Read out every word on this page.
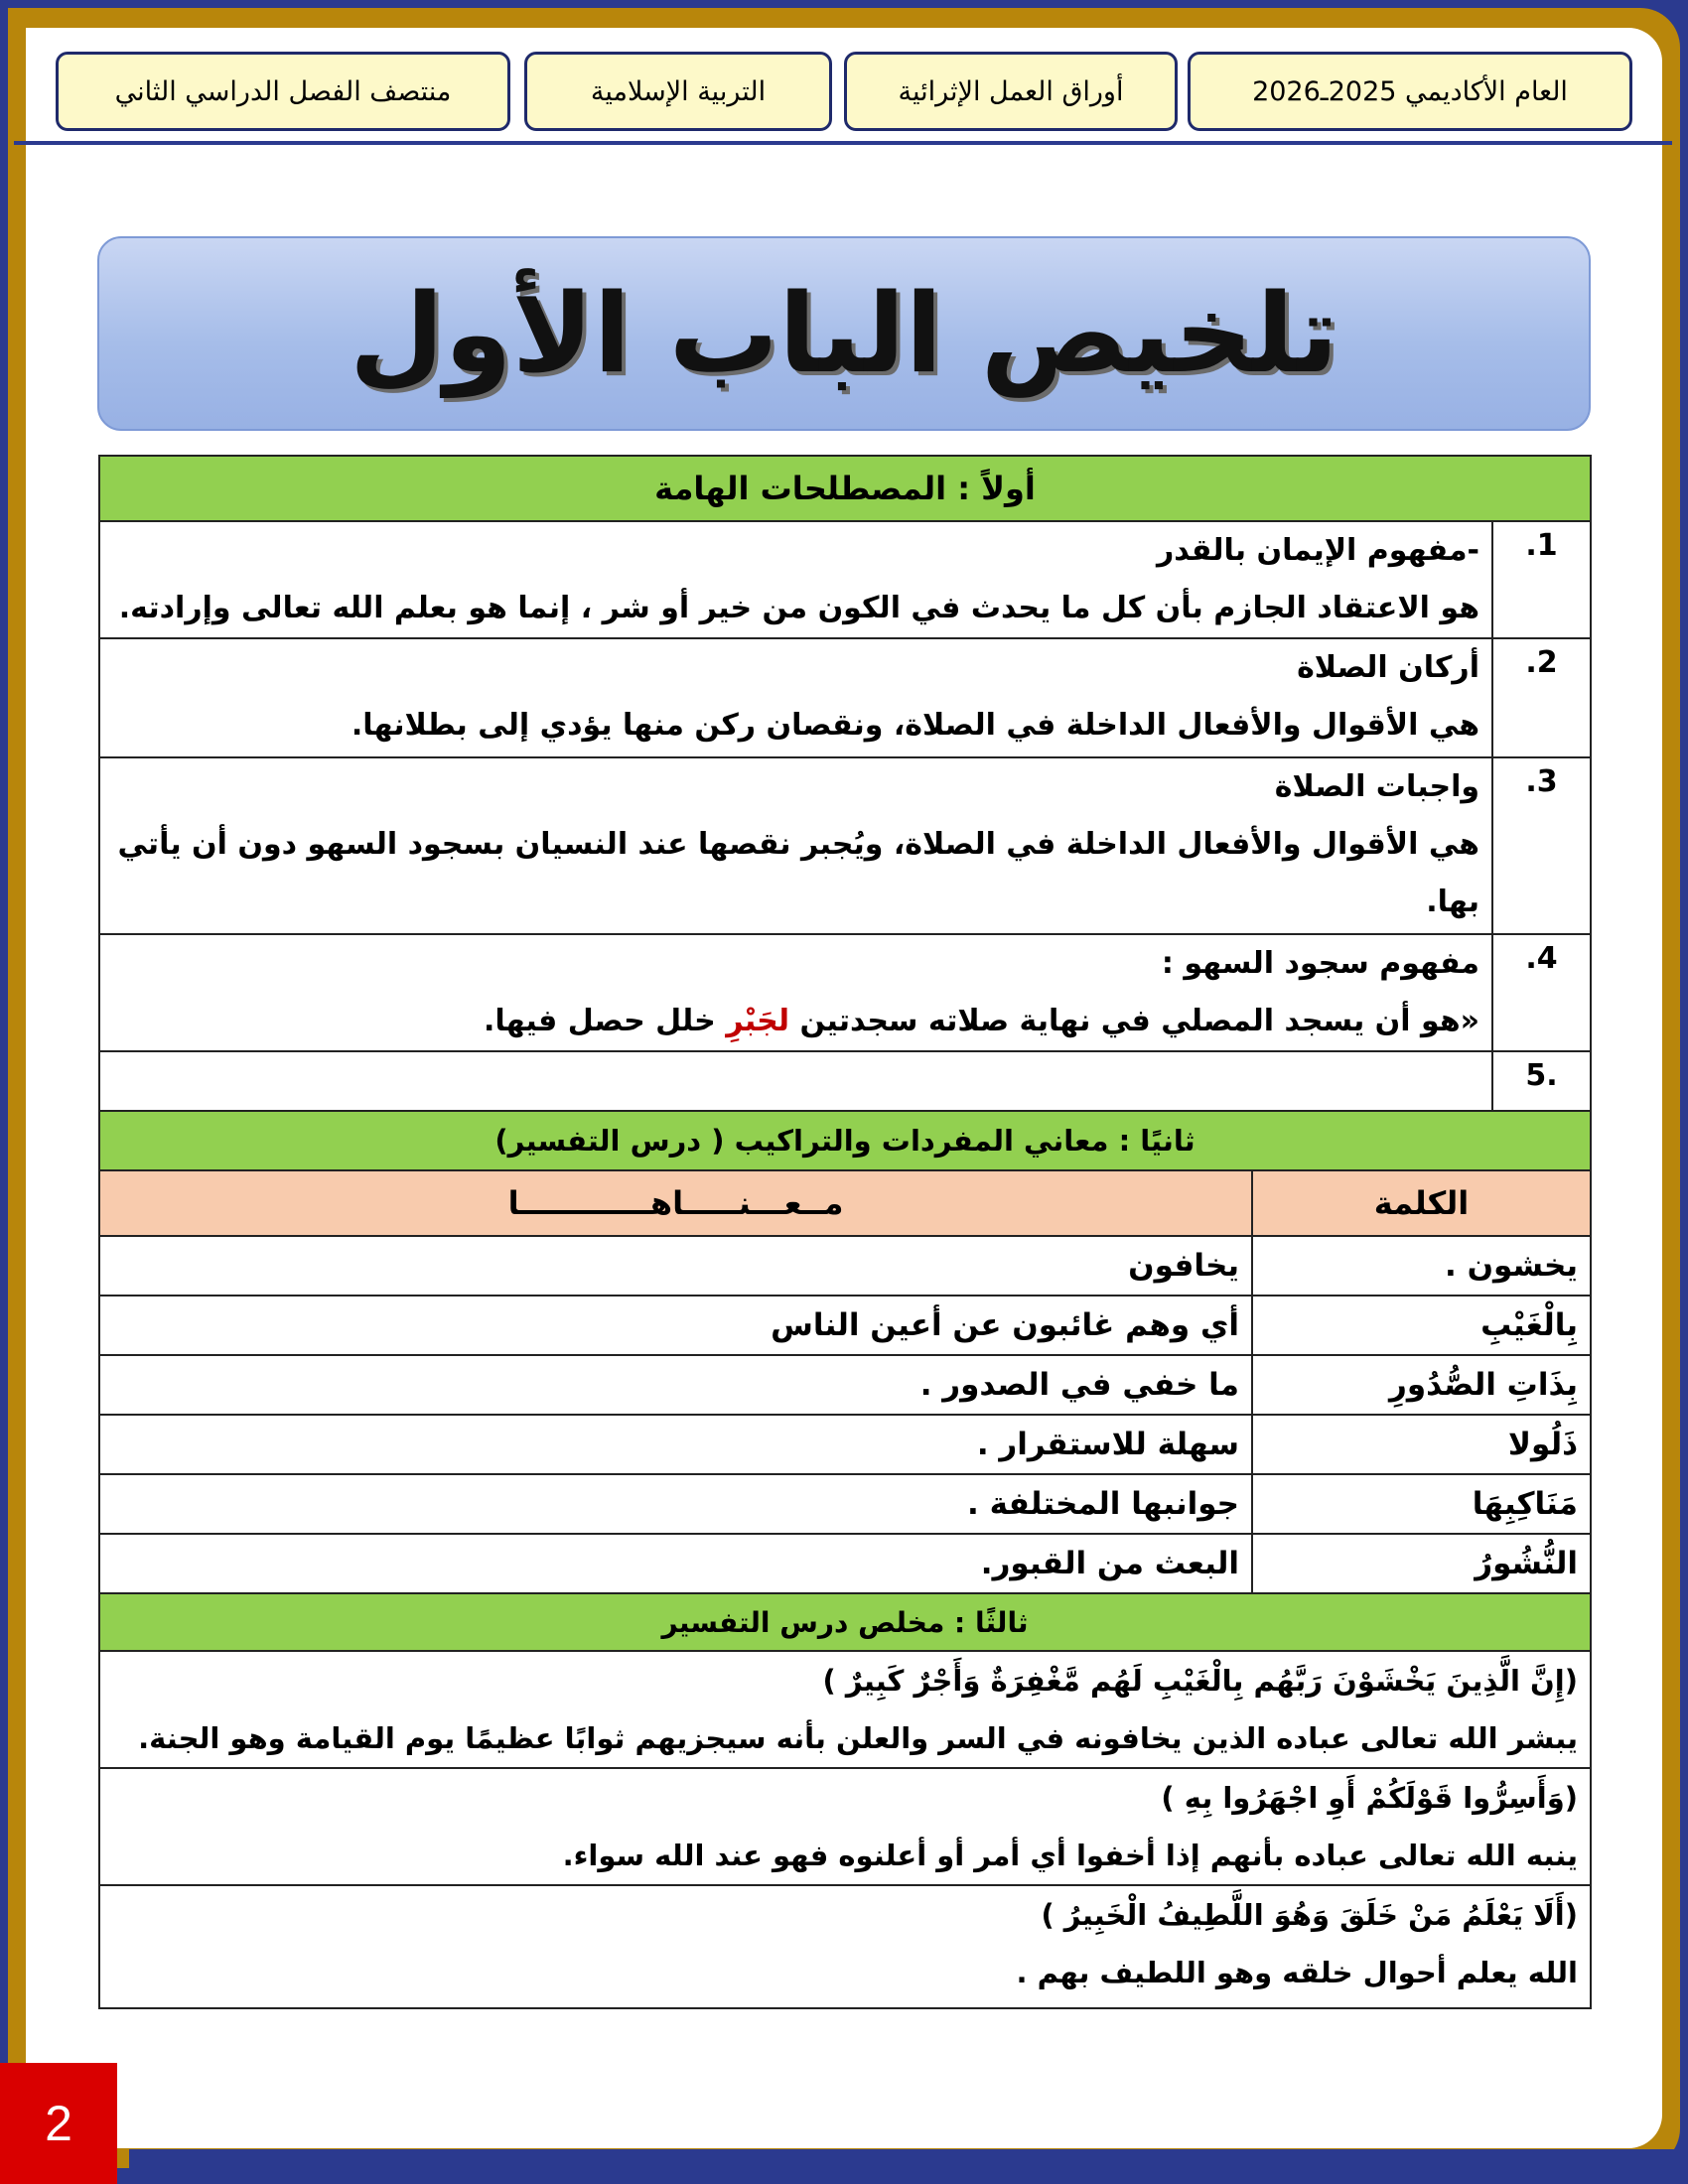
العام الأكاديمي 2025ـ2026
أوراق العمل الإثرائية
التربية الإسلامية
منتصف الفصل الدراسي الثاني
تلخيص الباب الأول
أولاً : المصطلحات الهامة		
1.	-مفهوم الإيمان بالقدر
هو الاعتقاد الجازم بأن كل ما يحدث في الكون من خير أو شر ، إنما هو بعلم الله تعالى وإرادته.	

2.	أركان الصلاة
هي الأقوال والأفعال الداخلة في الصلاة، ونقصان ركن منها يؤدي إلى بطلانها.	

3.	واجبات الصلاة
هي الأقوال والأفعال الداخلة في الصلاة، ويُجبر نقصها عند النسيان بسجود السهو دون أن يأتي بها.	

4.	مفهوم سجود السهو :
«هو أن يسجد المصلي في نهاية صلاته سجدتين لجَبْرِ خلل حصل فيها.	

.5		
ثانيًا : معاني المفردات والتراكيب ( درس التفسير)		
الكلمة		مــعـــنـــــاهــــــــــــا
يخشون .		يخافون
بِالْغَيْبِ		أي وهم غائبون عن أعين الناس
بِذَاتِ الصُّدُورِ		ما خفي في الصدور .
ذَلُولا		سهلة للاستقرار .
مَنَاكِبِهَا		جوانبها المختلفة .
النُّشُورُ		البعث من القبور.
ثالثًا : مخلص درس التفسير		

(إِنَّ الَّذِينَ يَخْشَوْنَ رَبَّهُم بِالْغَيْبِ لَهُم مَّغْفِرَةٌ وَأَجْرٌ كَبِيرٌ )
يبشر الله تعالى عباده الذين يخافونه في السر والعلن بأنه سيجزيهم ثوابًا عظيمًا يوم القيامة وهو الجنة.		

(وَأَسِرُّوا قَوْلَكُمْ أَوِ اجْهَرُوا بِهِ )
ينبه الله تعالى عباده بأنهم إذا أخفوا أي أمر أو أعلنوه فهو عند الله سواء.		

(أَلَا يَعْلَمُ مَنْ خَلَقَ وَهُوَ اللَّطِيفُ الْخَبِيرُ )
الله يعلم أحوال خلقه وهو اللطيف بهم .		
2
